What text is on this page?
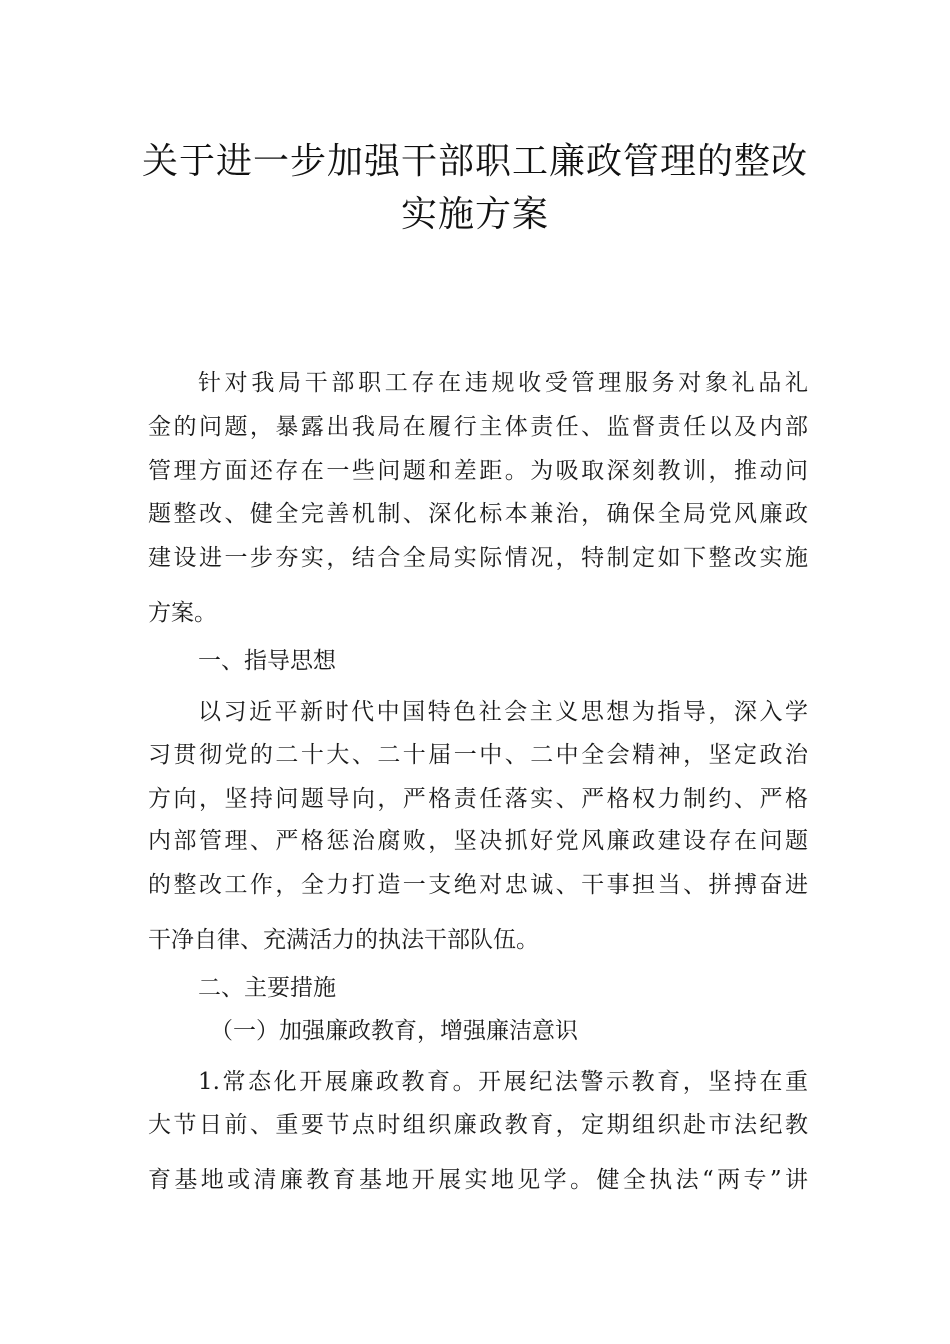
关于进一步加强干部职工廉政管理的整改
实施方案
针对我局干部职工存在违规收受管理服务对象礼品礼
金的问题，暴露出我局在履行主体责任、监督责任以及内部
管理方面还存在一些问题和差距。为吸取深刻教训，推动问
题整改、健全完善机制、深化标本兼治，确保全局党风廉政
建设进一步夯实，结合全局实际情况，特制定如下整改实施
方案。
一、指导思想
以习近平新时代中国特色社会主义思想为指导，深入学
习贯彻党的二十大、二十届一中、二中全会精神，坚定政治
方向，坚持问题导向，严格责任落实、严格权力制约、严格
内部管理、严格惩治腐败，坚决抓好党风廉政建设存在问题
的整改工作，全力打造一支绝对忠诚、干事担当、拼搏奋进
干净自律、充满活力的执法干部队伍。
二、主要措施
（一）加强廉政教育，增强廉洁意识
1.常态化开展廉政教育。开展纪法警示教育，坚持在重
大节日前、重要节点时组织廉政教育，定期组织赴市法纪教
育基地或清廉教育基地开展实地见学。健全执法“两专”讲
